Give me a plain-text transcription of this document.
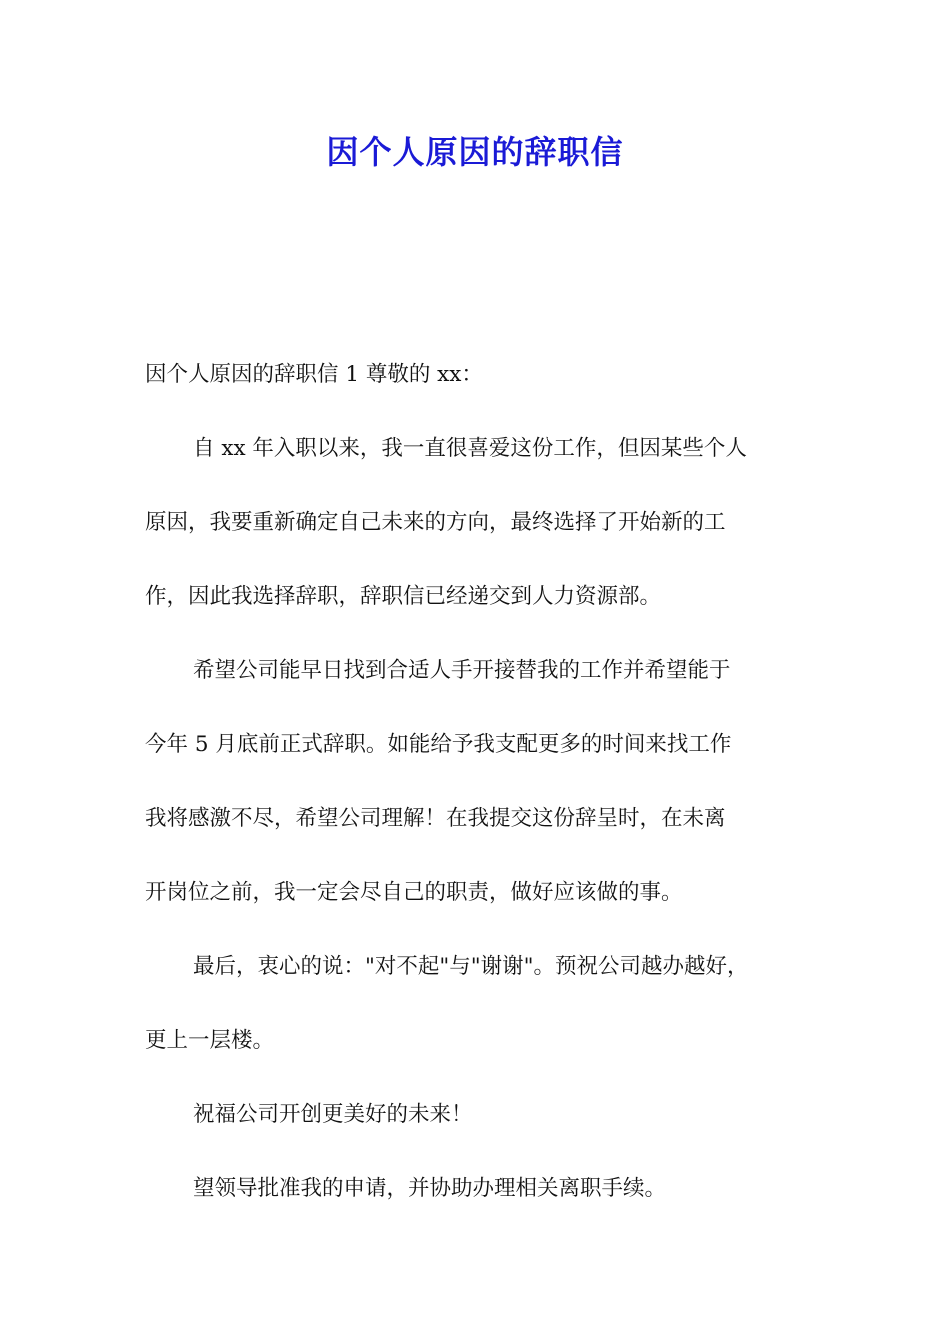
因个人原因的辞职信
因个人原因的辞职信 1 尊敬的 xx：
自 xx 年入职以来，我一直很喜爱这份工作，但因某些个人
原因，我要重新确定自己未来的方向，最终选择了开始新的工
作，因此我选择辞职，辞职信已经递交到人力资源部。
希望公司能早日找到合适人手开接替我的工作并希望能于
今年 5 月底前正式辞职。如能给予我支配更多的时间来找工作
我将感激不尽，希望公司理解！在我提交这份辞呈时，在未离
开岗位之前，我一定会尽自己的职责，做好应该做的事。
最后，衷心的说："对不起"与"谢谢"。预祝公司越办越好，
更上一层楼。
祝福公司开创更美好的未来！
望领导批准我的申请，并协助办理相关离职手续。
